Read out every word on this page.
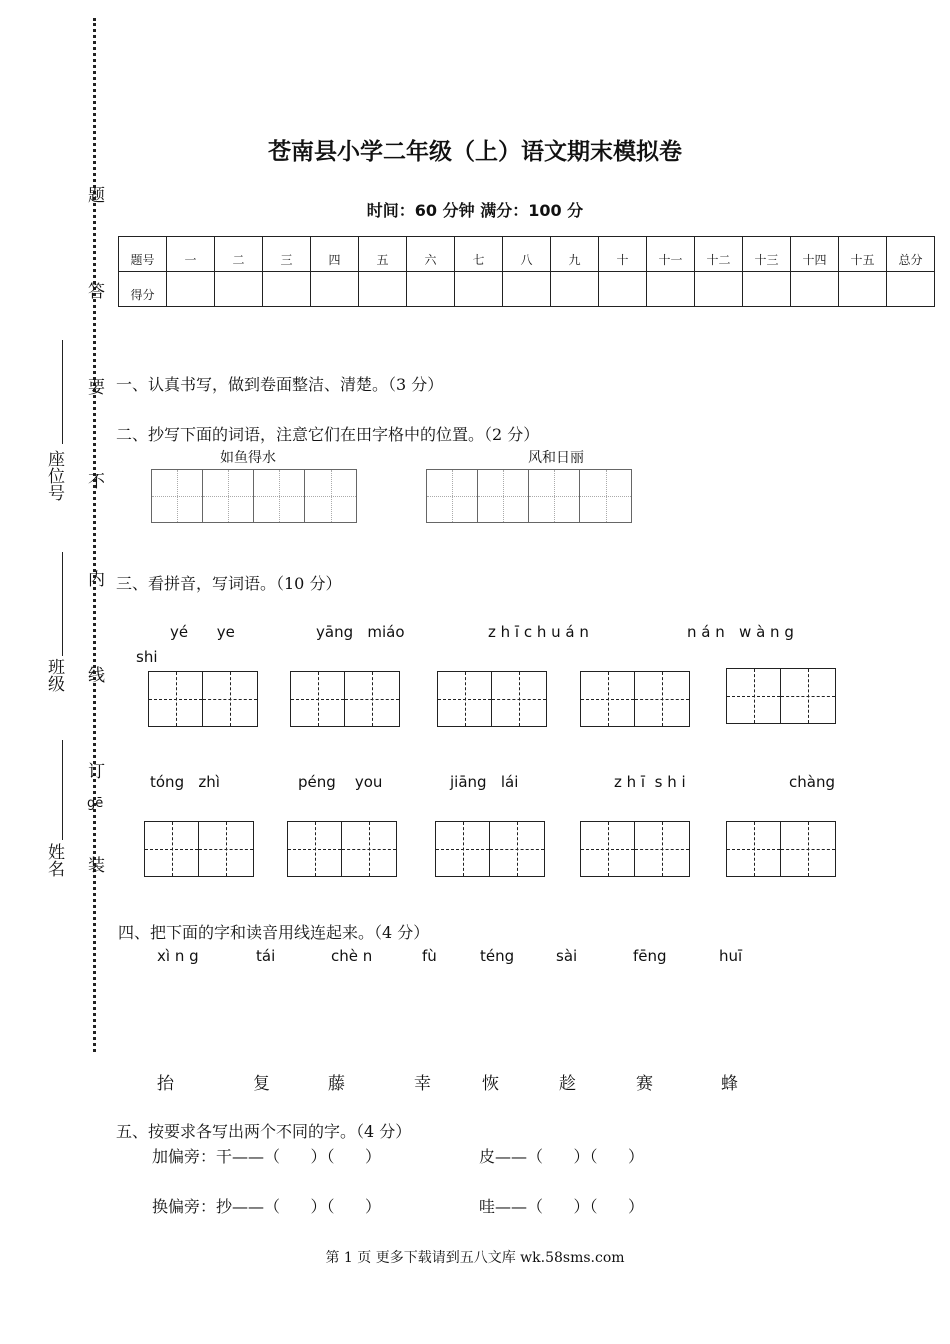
题
答
要
不
内
线
订
装
座位号
班级
姓名
苍南县小学二年级（上）语文期末模拟卷
时间：60 分钟 满分：100 分
题号	一	二	三	四	五	六	七	八	九	十	十一	十二	十三	十四	十五	总分

得分																

一、认真书写，做到卷面整洁、清楚。（3 分）
二、抄写下面的词语，注意它们在田字格中的位置。（2 分）
如鱼得水	风和日丽
三、看拼音，写词语。（10 分）
yé      ye
shi
yāng   miáo	z h ī c h u á n	n á n   w à n g
tóng   zhì	péng    you	jiāng   lái	z h ī  s h i	chàng
gē
四、把下面的字和读音用线连起来。（4 分）
xì n g	tái	chè n	fù	téng	sài	fēng	huī
抬	复	藤	幸	恢	趁	赛	蜂
五、按要求各写出两个不同的字。（4 分）
加偏旁：干——（      ）（      ）	皮——（      ）（      ）
换偏旁：抄——（      ）（      ）	哇——（      ）（      ）
第 1 页 更多下载请到五八文库 wk.58sms.com
